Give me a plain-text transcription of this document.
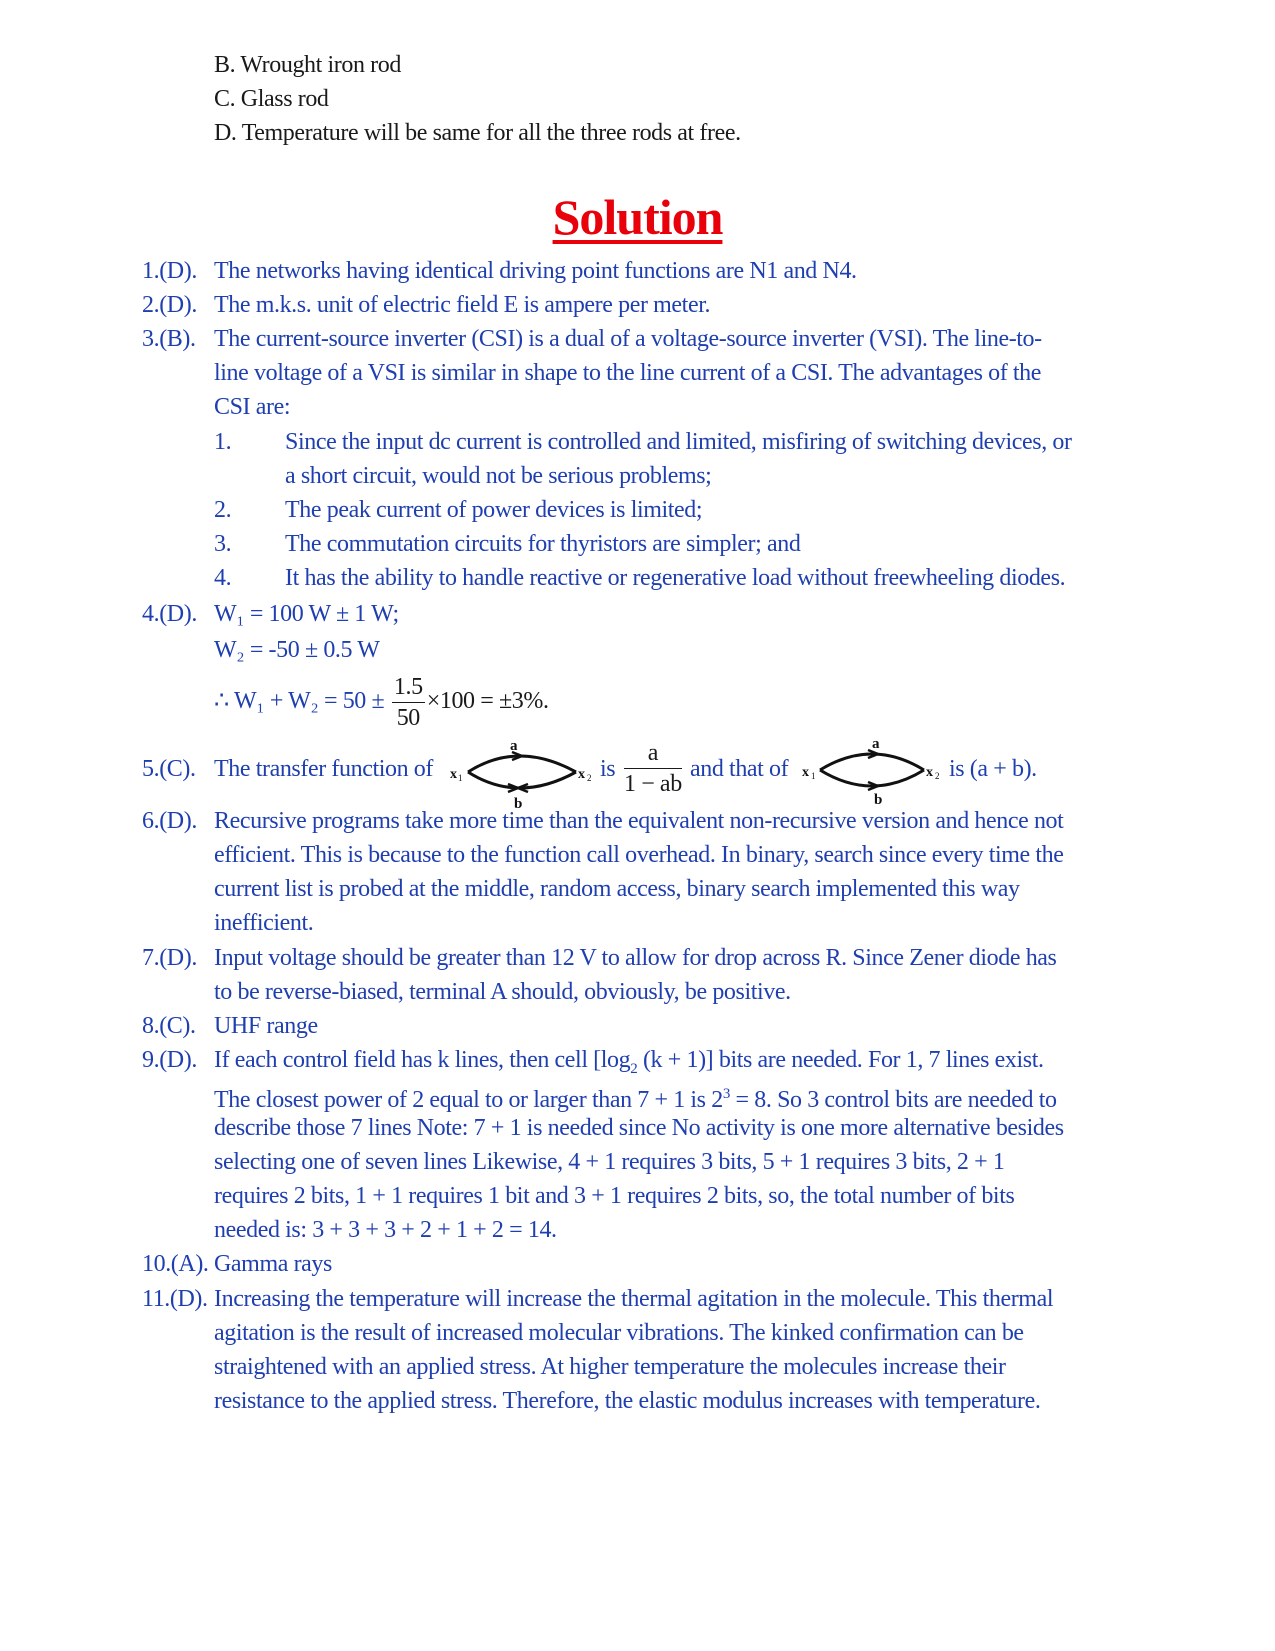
B. Wrought iron rod
C. Glass rod
D. Temperature will be same for all the three rods at free.
Solution
1.(D). The networks having identical driving point functions are N1 and N4.
2.(D). The m.k.s. unit of electric field E is ampere per meter.
3.(B). The current-source inverter (CSI) is a dual of a voltage-source inverter (VSI). The line-to-
line voltage of a VSI is similar in shape to the line current of a CSI. The advantages of the
CSI are:
1. Since the input dc current is controlled and limited, misfiring of switching devices, or
a short circuit, would not be serious problems;
2. The peak current of power devices is limited;
3. The commutation circuits for thyristors are simpler; and
4. It has the ability to handle reactive or regenerative load without freewheeling diodes.
4.(D). W₁ = 100 W ± 1 W;
W₂ = -50 ± 0.5 W
∴ $W_1 + W_2 = 50 \pm \frac{1.5}{50} \times 100 = \pm 3\%$.
5.(C). The transfer function of
a
x 1	x 2
b
is $\frac{a}{1 - ab}$ and that of
a
x 1	x 2
b
is (a + b).
6.(D). Recursive programs take more time than the equivalent non-recursive version and hence not
efficient. This is because to the function call overhead. In binary, search since every time the
current list is probed at the middle, random access, binary search implemented this way
inefficient.
7.(D). Input voltage should be greater than 12 V to allow for drop across R. Since Zener diode has
to be reverse-biased, terminal A should, obviously, be positive.
8.(C). UHF range
9.(D). If each control field has k lines, then cell [$\log_2$ (k + 1)] bits are needed. For 1, 7 lines exist.
The closest power of 2 equal to or larger than 7 + 1 is $2^3 = 8$. So 3 control bits are needed to
describe those 7 lines Note: 7 + 1 is needed since No activity is one more alternative besides
selecting one of seven lines Likewise, 4 + 1 requires 3 bits, 5 + 1 requires 3 bits, 2 + 1
requires 2 bits, 1 + 1 requires 1 bit and 3 + 1 requires 2 bits, so, the total number of bits
needed is: 3 + 3 + 3 + 2 + 1 + 2 = 14.
10.(A). Gamma rays
11.(D). Increasing the temperature will increase the thermal agitation in the molecule. This thermal
agitation is the result of increased molecular vibrations. The kinked confirmation can be
straightened with an applied stress. At higher temperature the molecules increase their
resistance to the applied stress. Therefore, the elastic modulus increases with temperature.
